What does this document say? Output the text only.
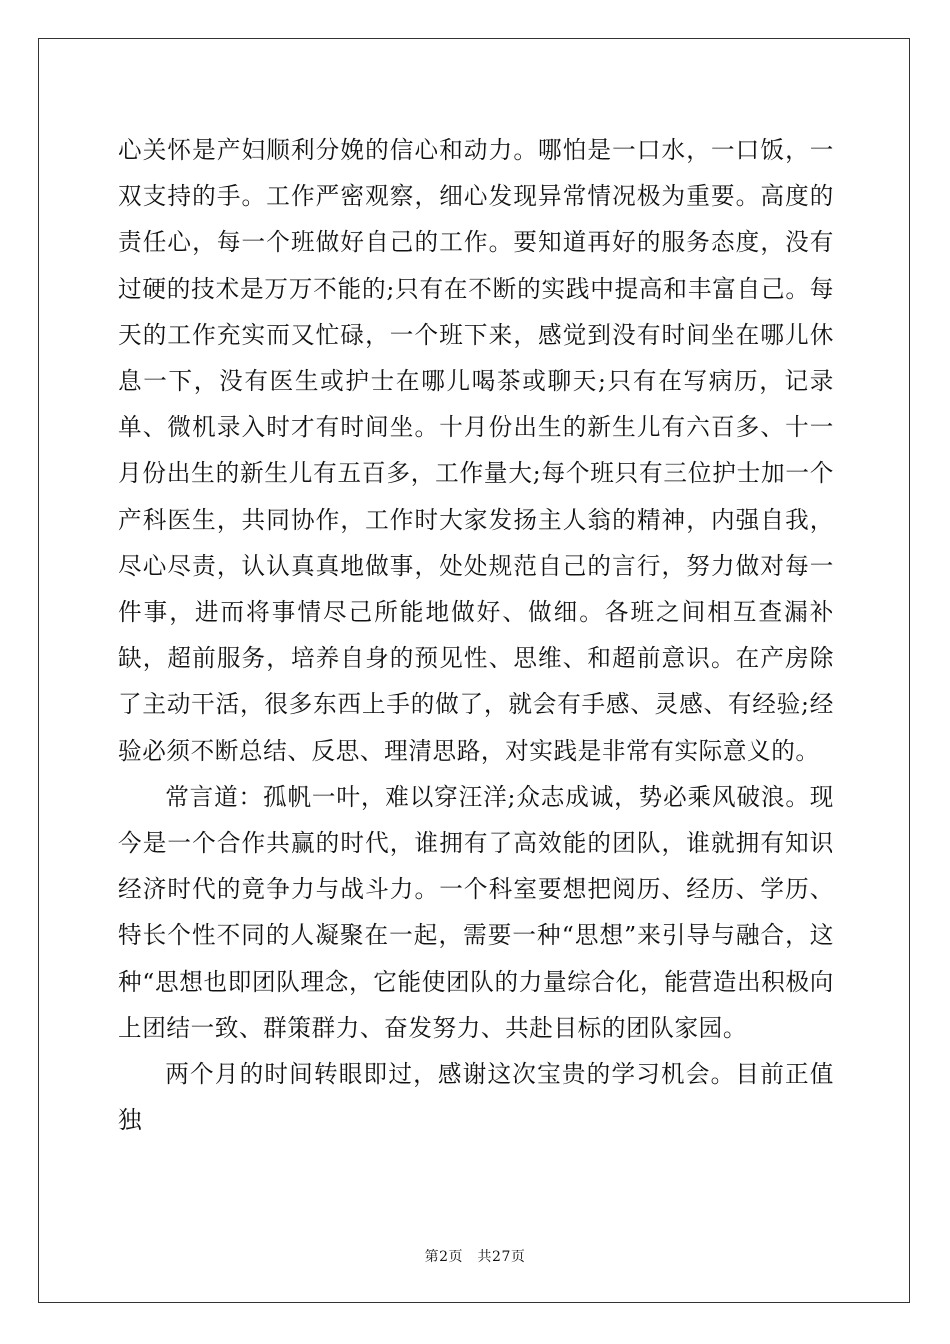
心关怀是产妇顺利分娩的信心和动力。哪怕是一口水，一口饭，一双支持的手。工作严密观察，细心发现异常情况极为重要。高度的责任心，每一个班做好自己的工作。要知道再好的服务态度，没有过硬的技术是万万不能的;只有在不断的实践中提高和丰富自己。每天的工作充实而又忙碌，一个班下来，感觉到没有时间坐在哪儿休息一下，没有医生或护士在哪儿喝茶或聊天;只有在写病历，记录单、微机录入时才有时间坐。十月份出生的新生儿有六百多、十一月份出生的新生儿有五百多，工作量大;每个班只有三位护士加一个产科医生，共同协作，工作时大家发扬主人翁的精神，内强自我，尽心尽责，认认真真地做事，处处规范自己的言行，努力做对每一件事，进而将事情尽己所能地做好、做细。各班之间相互查漏补缺，超前服务，培养自身的预见性、思维、和超前意识。在产房除了主动干活，很多东西上手的做了，就会有手感、灵感、有经验;经验必须不断总结、反思、理清思路，对实践是非常有实际意义的。

常言道：孤帆一叶，难以穿汪洋;众志成诚，势必乘风破浪。现今是一个合作共赢的时代，谁拥有了高效能的团队，谁就拥有知识经济时代的竟争力与战斗力。一个科室要想把阅历、经历、学历、特长个性不同的人凝聚在一起，需要一种“思想”来引导与融合，这种“思想也即团队理念，它能使团队的力量综合化，能营造出积极向上团结一致、群策群力、奋发努力、共赴目标的团队家园。

两个月的时间转眼即过，感谢这次宝贵的学习机会。目前正值独

第2页　共27页
